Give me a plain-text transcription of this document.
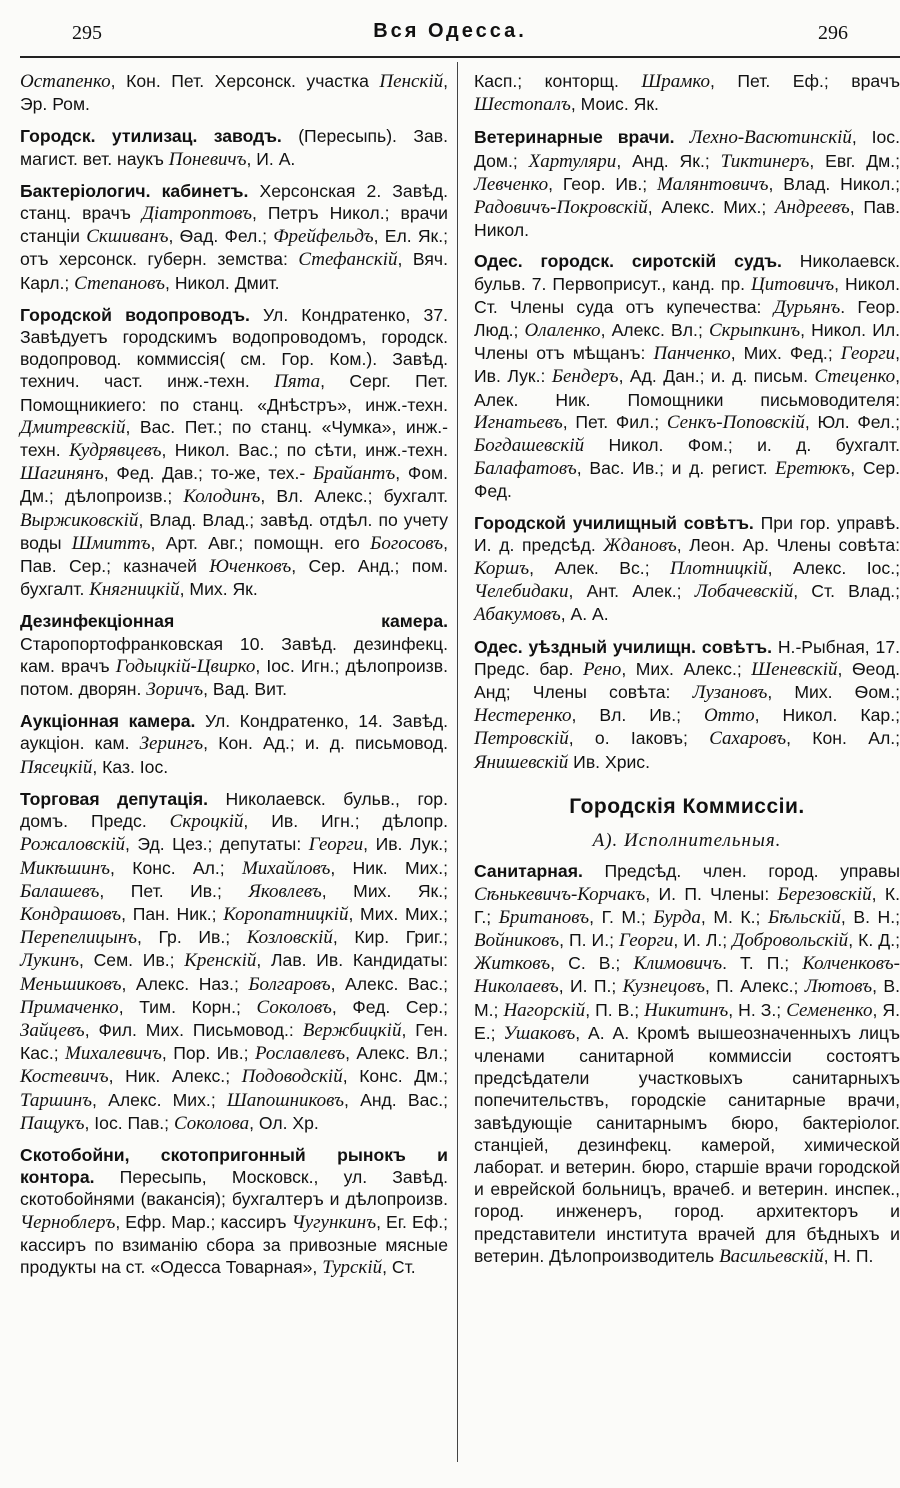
295	Вся Одесса.	296

Остапенко, Кон. Пет. Херсонск. участка Пенскій, Эр. Ром.

Городск. утилизац. заводъ. (Пересыпь). Зав. магист. вет. наукъ Поневичъ, И. А.

Бактеріологич. кабинетъ. Херсонская 2. Завѣд. станц. врачъ Діатроптовъ, Петръ Никол.; врачи станціи Скшиванъ, Ѳад. Фел.; Фрейфельдъ, Ел. Як.; отъ херсонск. губерн. земства: Стефанскій, Вяч. Карл.; Степановъ, Никол. Дмит.

Городской водопроводъ. Ул. Кондратенко, 37. Завѣдуетъ городскимъ водопроводомъ, городск. водопровод. коммиссія( см. Гор. Ком.). Завѣд. технич. част. инж.-техн. Пята, Серг. Пет. Помощникиего: по станц. «Днѣстръ», инж.-техн. Дмитревскій, Вас. Пет.; по станц. «Чумка», инж.-техн. Кудрявцевъ, Никол. Вас.; по сѣти, инж.-техн. Шагинянъ, Фед. Дав.; то-же, тех.- Брайантъ, Фом. Дм.; дѣлопроизв.; Колодинъ, Вл. Алекс.; бухгалт. Выржиковскій, Влад. Влад.; завѣд. отдѣл. по учету воды Шмиттъ, Арт. Авг.; помощн. его Богосовъ, Пав. Сер.; казначей Юченковъ, Сер. Анд.; пом. бухгалт. Княгницкій, Мих. Як.

Дезинфекціонная камера. Старопортофранковская 10. Завѣд. дезинфекц. кам. врачъ Годыцкій-Цвирко, Іос. Игн.; дѣлопроизв. потом. дворян. Зоричъ, Вад. Вит.

Аукціонная камера. Ул. Кондратенко, 14. Завѣд. аукціон. кам. Зерингъ, Кон. Ад.; и. д. письмовод. Пясецкій, Каз. Іос.

Торговая депутація. Николаевск. бульв., гор. домъ. Предс. Скроцкій, Ив. Игн.; дѣлопр. Рожаловскій, Эд. Цез.; депутаты: Георги, Ив. Лук.; Микѣшинъ, Конс. Ал.; Михайловъ, Ник. Мих.; Балашевъ, Пет. Ив.; Яковлевъ, Мих. Як.; Кондрашовъ, Пан. Ник.; Коропатницкій, Мих. Мих.; Перепелицынъ, Гр. Ив.; Козловскій, Кир. Григ.; Лукинъ, Сем. Ив.; Кренскій, Лав. Ив. Кандидаты: Меньшиковъ, Алекс. Наз.; Болгаровъ, Алекс. Вас.; Примаченко, Тим. Корн.; Соколовъ, Фед. Сер.; Зайцевъ, Фил. Мих. Письмовод.: Вержбицкій, Ген. Кас.; Михалевичъ, Пор. Ив.; Рославлевъ, Алекс. Вл.; Костевичъ, Ник. Алекс.; Подоводскій, Конс. Дм.; Таршинъ, Алекс. Мих.; Шапошниковъ, Анд. Вас.; Пащукъ, Іос. Пав.; Соколова, Ол. Хр.

Скотобойни, скотопригонный рынокъ и контора. Пересыпь, Московск., ул. Завѣд. скотобойнями (вакансія); бухгалтеръ и дѣлопроизв. Черноблеръ, Ефр. Мар.; кассиръ Чугункинъ, Ег. Еф.; кассиръ по взиманію сбора за привозные мясные продукты на ст. «Одесса Товарная», Турскій, Ст.

Касп.; конторщ. Шрамко, Пет. Еф.; врачъ Шестопалъ, Моис. Як.

Ветеринарные врачи. Лехно-Васютинскій, Іос. Дом.; Хартуляри, Анд. Як.; Тиктинеръ, Евг. Дм.; Левченко, Геор. Ив.; Малянтовичъ, Влад. Никол.; Радовичъ-Покровскій, Алекс. Мих.; Андреевъ, Пав. Никол.

Одес. городск. сиротскій судъ. Николаевск. бульв. 7. Первоприсут., канд. пр. Цитовичъ, Никол. Ст. Члены суда отъ купечества: Дурьянъ. Геор. Люд.; Олаленко, Алекс. Вл.; Скрыпкинъ, Никол. Ил. Члены отъ мѣщанъ: Панченко, Мих. Фед.; Георги, Ив. Лук.: Бендеръ, Ад. Дан.; и. д. письм. Стеценко, Алек. Ник. Помощники письмоводителя: Игнатьевъ, Пет. Фил.; Сенкъ-Поповскій, Юл. Фел.; Богдашевскій Никол. Фом.; и. д. бухгалт. Балафатовъ, Вас. Ив.; и д. регист. Еретюкъ, Сер. Фед.

Городской училищный совѣтъ. При гор. управѣ. И. д. предсѣд. Ждановъ, Леон. Ар. Члены совѣта: Коршъ, Алек. Вс.; Плотницкій, Алекс. Іос.; Челебидаки, Ант. Алек.; Лобачевскій, Ст. Влад.; Абакумовъ, А. А.

Одес. уѣздный училищн. совѣтъ. Н.-Рыбная, 17. Предс. бар. Рено, Мих. Алекс.; Шеневскій, Ѳеод. Анд; Члены совѣта: Лузановъ, Мих. Ѳом.; Нестеренко, Вл. Ив.; Отто, Никол. Кар.; Петровскій, о. Іаковъ; Сахаровъ, Кон. Ал.; Янишевскій Ив. Хрис.

Городскія Коммиссіи.
А). Исполнительныя.

Санитарная. Предсѣд. член. город. управы Сѣнькевичъ-Корчакъ, И. П. Члены: Березовскій, К. Г.; Британовъ, Г. М.; Бурда, М. К.; Бѣльскій, В. Н.; Войниковъ, П. И.; Георги, И. Л.; Добровольскій, К. Д.; Житковъ, С. В.; Климовичъ. Т. П.; Колченковъ-Николаевъ, И. П.; Кузнецовъ, П. Алекс.; Лютовъ, В. М.; Нагорскій, П. В.; Никитинъ, Н. З.; Семененко, Я. Е.; Ушаковъ, А. А. Кромѣ вышеозначенныхъ лицъ членами санитарной коммиссіи состоятъ предсѣдатели участковыхъ санитарныхъ попечительствъ, городскіе санитарные врачи, завѣдующіе санитарнымъ бюро, бактеріолог. станціей, дезинфекц. камерой, химической лаборат. и ветерин. бюро, старшіе врачи городской и еврейской больницъ, врачеб. и ветерин. инспек., город. инженеръ, город. архитекторъ и представители института врачей для бѣдныхъ и ветерин. Дѣлопроизводитель Васильевскій, Н. П.
